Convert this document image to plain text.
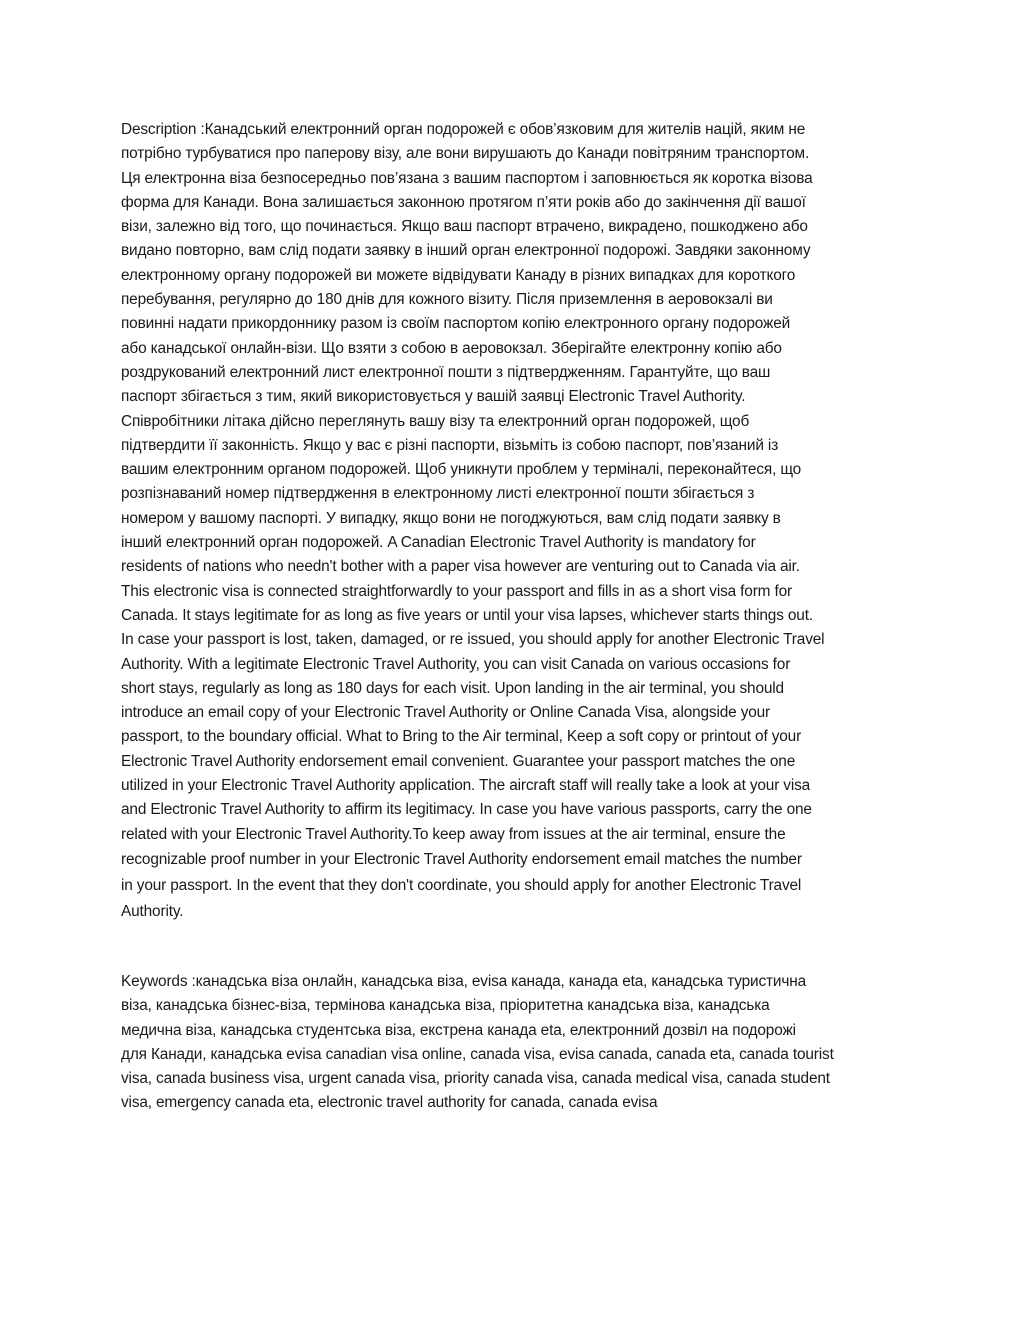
Description :Канадський електронний орган подорожей є обов’язковим для жителів націй, яким не
потрібно турбуватися про паперову візу, але вони вирушають до Канади повітряним транспортом.
Ця електронна віза безпосередньо пов’язана з вашим паспортом і заповнюється як коротка візова
форма для Канади. Вона залишається законною протягом п’яти років або до закінчення дії вашої
візи, залежно від того, що починається. Якщо ваш паспорт втрачено, викрадено, пошкоджено або
видано повторно, вам слід подати заявку в інший орган електронної подорожі. Завдяки законному
електронному органу подорожей ви можете відвідувати Канаду в різних випадках для короткого
перебування, регулярно до 180 днів для кожного візиту. Після приземлення в аеровокзалі ви
повинні надати прикордоннику разом із своїм паспортом копію електронного органу подорожей
або канадської онлайн-візи. Що взяти з собою в аеровокзал. Зберігайте електронну копію або
роздрукований електронний лист електронної пошти з підтвердженням. Гарантуйте, що ваш
паспорт збігається з тим, який використовується у вашій заявці Electronic Travel Authority.
Співробітники літака дійсно переглянуть вашу візу та електронний орган подорожей, щоб
підтвердити її законність. Якщо у вас є різні паспорти, візьміть із собою паспорт, пов’язаний із
вашим електронним органом подорожей. Щоб уникнути проблем у терміналі, переконайтеся, що
розпізнаваний номер підтвердження в електронному листі електронної пошти збігається з
номером у вашому паспорті. У випадку, якщо вони не погоджуються, вам слід подати заявку в
інший електронний орган подорожей. A Canadian Electronic Travel Authority is mandatory for
residents of nations who needn't bother with a paper visa however are venturing out to Canada via air.
This electronic visa is connected straightforwardly to your passport and fills in as a short visa form for
Canada. It stays legitimate for as long as five years or until your visa lapses, whichever starts things out.
In case your passport is lost, taken, damaged, or re issued, you should apply for another Electronic Travel
Authority. With a legitimate Electronic Travel Authority, you can visit Canada on various occasions for
short stays, regularly as long as 180 days for each visit. Upon landing in the air terminal, you should
introduce an email copy of your Electronic Travel Authority or Online Canada Visa, alongside your
passport, to the boundary official. What to Bring to the Air terminal, Keep a soft copy or printout of your
Electronic Travel Authority endorsement email convenient. Guarantee your passport matches the one
utilized in your Electronic Travel Authority application. The aircraft staff will really take a look at your visa
and Electronic Travel Authority to affirm its legitimacy. In case you have various passports, carry the one
related with your Electronic Travel Authority.To keep away from issues at the air terminal, ensure the
recognizable proof number in your Electronic Travel Authority endorsement email matches the number
in your passport. In the event that they don't coordinate, you should apply for another Electronic Travel
Authority.
Keywords :канадська віза онлайн, канадська віза, evisa канада, канада eta, канадська туристична
віза, канадська бізнес-віза, термінова канадська віза, пріоритетна канадська віза, канадська
медична віза, канадська студентська віза, екстрена канада eta, електронний дозвіл на подорожі
для Канади, канадська evisa canadian visa online, canada visa, evisa canada, canada eta, canada tourist
visa, canada business visa, urgent canada visa, priority canada visa, canada medical visa, canada student
visa, emergency canada eta, electronic travel authority for canada, canada evisa
